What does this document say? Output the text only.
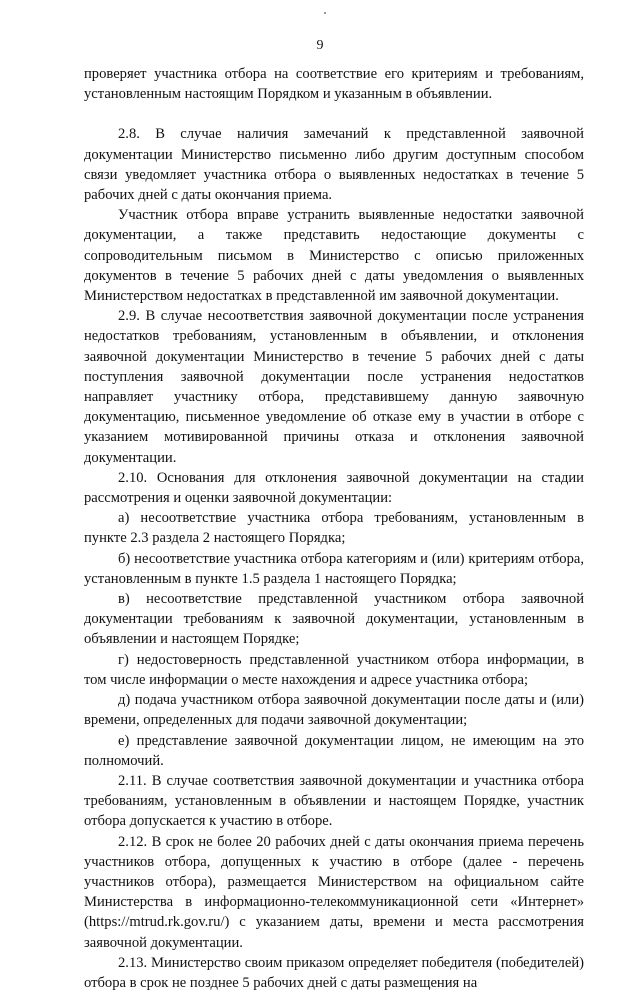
9

проверяет участника отбора на соответствие его критериям и требованиям, установленным настоящим Порядком и указанным в объявлении.

2.8. В случае наличия замечаний к представленной заявочной документации Министерство письменно либо другим доступным способом связи уведомляет участника отбора о выявленных недостатках в течение 5 рабочих дней с даты окончания приема.

Участник отбора вправе устранить выявленные недостатки заявочной документации, а также представить недостающие документы с сопроводительным письмом в Министерство с описью приложенных документов в течение 5 рабочих дней с даты уведомления о выявленных Министерством недостатках в представленной им заявочной документации.

2.9. В случае несоответствия заявочной документации после устранения недостатков требованиям, установленным в объявлении, и отклонения заявочной документации Министерство в течение 5 рабочих дней с даты поступления заявочной документации после устранения недостатков направляет участнику отбора, представившему данную заявочную документацию, письменное уведомление об отказе ему в участии в отборе с указанием мотивированной причины отказа и отклонения заявочной документации.

2.10. Основания для отклонения заявочной документации на стадии рассмотрения и оценки заявочной документации:

а) несоответствие участника отбора требованиям, установленным в пункте 2.3 раздела 2 настоящего Порядка;

б) несоответствие участника отбора категориям и (или) критериям отбора, установленным в пункте 1.5 раздела 1 настоящего Порядка;

в) несоответствие представленной участником отбора заявочной документации требованиям к заявочной документации, установленным в объявлении и настоящем Порядке;

г) недостоверность представленной участником отбора информации, в том числе информации о месте нахождения и адресе участника отбора;

д) подача участником отбора заявочной документации после даты и (или) времени, определенных для подачи заявочной документации;

е) представление заявочной документации лицом, не имеющим на это полномочий.

2.11. В случае соответствия заявочной документации и участника отбора требованиям, установленным в объявлении и настоящем Порядке, участник отбора допускается к участию в отборе.

2.12. В срок не более 20 рабочих дней с даты окончания приема перечень участников отбора, допущенных к участию в отборе (далее - перечень участников отбора), размещается Министерством на официальном сайте Министерства в информационно-телекоммуникационной сети «Интернет» (https://mtrud.rk.gov.ru/) с указанием даты, времени и места рассмотрения заявочной документации.

2.13. Министерство своим приказом определяет победителя (победителей) отбора в срок не позднее 5 рабочих дней с даты размещения на
